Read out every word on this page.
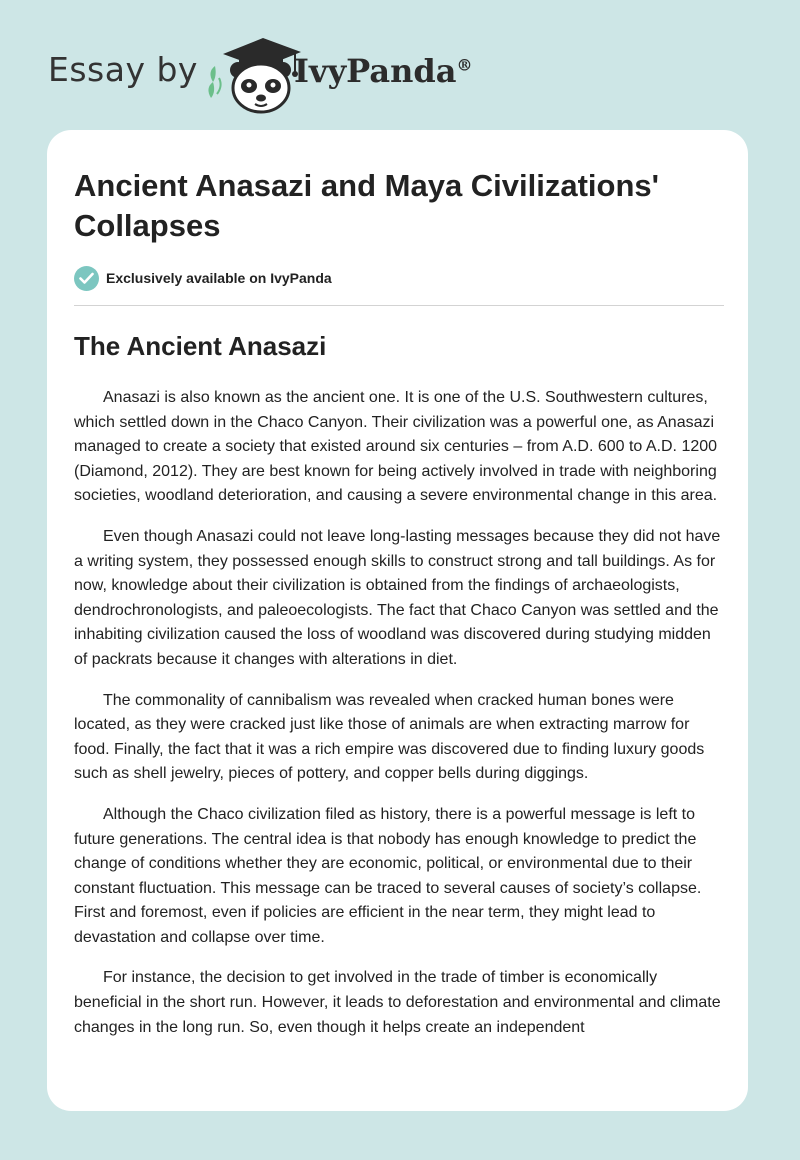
Essay by	IvyPanda®
Ancient Anasazi and Maya Civilizations' Collapses
Exclusively available on IvyPanda
The Ancient Anasazi

Anasazi is also known as the ancient one. It is one of the U.S. Southwestern cultures, which settled down in the Chaco Canyon. Their civilization was a powerful one, as Anasazi managed to create a society that existed around six centuries – from A.D. 600 to A.D. 1200 (Diamond, 2012). They are best known for being actively involved in trade with neighboring societies, woodland deterioration, and causing a severe environmental change in this area.

Even though Anasazi could not leave long-lasting messages because they did not have a writing system, they possessed enough skills to construct strong and tall buildings. As for now, knowledge about their civilization is obtained from the findings of archaeologists, dendrochronologists, and paleoecologists. The fact that Chaco Canyon was settled and the inhabiting civilization caused the loss of woodland was discovered during studying midden of packrats because it changes with alterations in diet.

The commonality of cannibalism was revealed when cracked human bones were located, as they were cracked just like those of animals are when extracting marrow for food. Finally, the fact that it was a rich empire was discovered due to finding luxury goods such as shell jewelry, pieces of pottery, and copper bells during diggings.

Although the Chaco civilization filed as history, there is a powerful message is left to future generations. The central idea is that nobody has enough knowledge to predict the change of conditions whether they are economic, political, or environmental due to their constant fluctuation. This message can be traced to several causes of society’s collapse. First and foremost, even if policies are efficient in the near term, they might lead to devastation and collapse over time.

For instance, the decision to get involved in the trade of timber is economically beneficial in the short run. However, it leads to deforestation and environmental and climate changes in the long run. So, even though it helps create an independent
